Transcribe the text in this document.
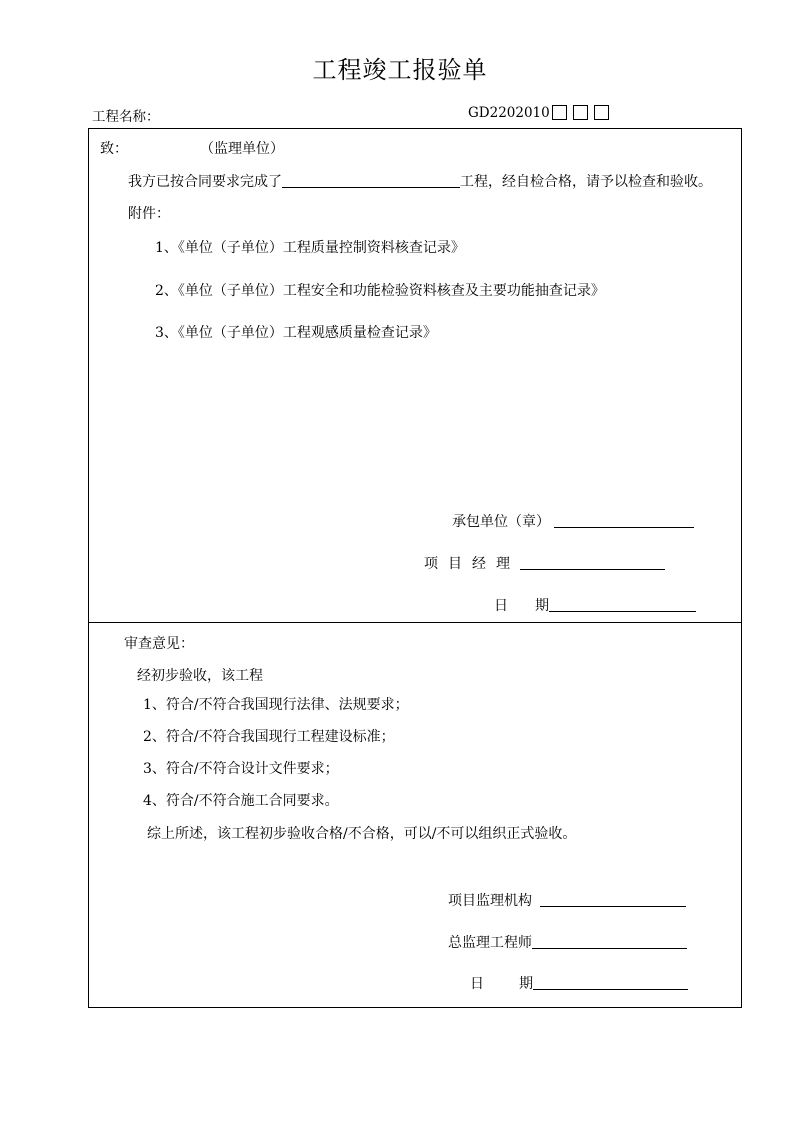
工程竣工报验单
工程名称：	GD2202010
致：	（监理单位）
我方已按合同要求完成了	工程，经自检合格，请予以检查和验收。
附件：
1、《单位（子单位）工程质量控制资料核查记录》
2、《单位（子单位）工程安全和功能检验资料核查及主要功能抽查记录》
3、《单位（子单位）工程观感质量检查记录》
承包单位（章）
项目经理
日 期
审查意见：
经初步验收，该工程
1、符合/不符合我国现行法律、法规要求；
2、符合/不符合我国现行工程建设标准；
3、符合/不符合设计文件要求；
4、符合/不符合施工合同要求。
综上所述，该工程初步验收合格/不合格，可以/不可以组织正式验收。
项目监理机构
总监理工程师
日	期
